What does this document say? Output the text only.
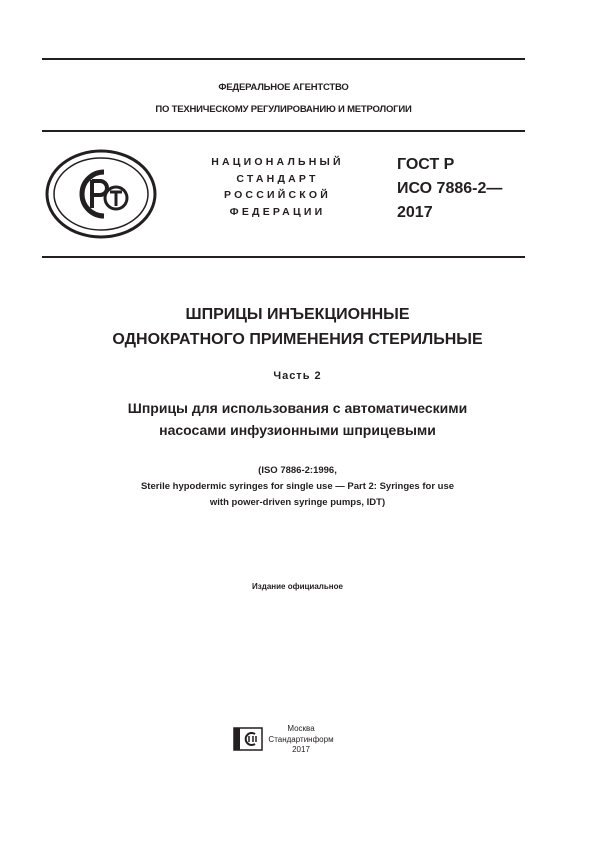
ФЕДЕРАЛЬНОЕ АГЕНТСТВО
ПО ТЕХНИЧЕСКОМУ РЕГУЛИРОВАНИЮ И МЕТРОЛОГИИ
НАЦИОНАЛЬНЫЙ
СТАНДАРТ
РОССИЙСКОЙ
ФЕДЕРАЦИИ
ГОСТ Р
ИСО 7886-2—
2017
ШПРИЦЫ ИНЪЕКЦИОННЫЕ
ОДНОКРАТНОГО ПРИМЕНЕНИЯ СТЕРИЛЬНЫЕ
Часть 2
Шприцы для использования с автоматическими
насосами инфузионными шприцевыми
(ISO 7886-2:1996,
Sterile hypodermic syringes for single use — Part 2: Syringes for use
with power-driven syringe pumps, IDT)
Издание официальное
Москва
Стандартинформ
2017
